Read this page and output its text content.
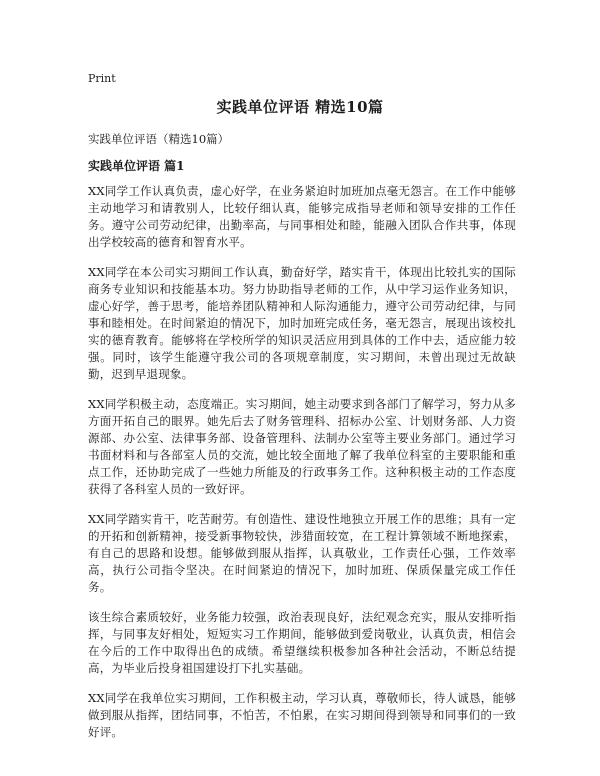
Print
实践单位评语 精选10篇
实践单位评语（精选10篇）
实践单位评语 篇1

XX同学工作认真负责，虚心好学，在业务紧迫时加班加点毫无怨言。在工作中能够主动地学习和请教别人，比较仔细认真，能够完成指导老师和领导安排的工作任务。遵守公司劳动纪律，出勤率高，与同事相处和睦，能融入团队合作共事，体现出学校较高的德育和智育水平。

XX同学在本公司实习期间工作认真，勤奋好学，踏实肯干，体现出比较扎实的国际商务专业知识和技能基本功。努力协助指导老师的工作，从中学习运作业务知识，虚心好学，善于思考，能培养团队精神和人际沟通能力，遵守公司劳动纪律，与同事和睦相处。在时间紧迫的情况下，加时加班完成任务，毫无怨言，展现出该校扎实的德育教育。能够将在学校所学的知识灵活应用到具体的工作中去，适应能力较强。同时，该学生能遵守我公司的各项规章制度，实习期间，未曾出现过无故缺勤，迟到早退现象。

XX同学积极主动，态度端正。实习期间，她主动要求到各部门了解学习，努力从多方面开拓自己的眼界。她先后去了财务管理科、招标办公室、计划财务部、人力资源部、办公室、法律事务部、设备管理科、法制办公室等主要业务部门。通过学习书面材料和与各部室人员的交流，她比较全面地了解了我单位科室的主要职能和重点工作，还协助完成了一些她力所能及的行政事务工作。这种积极主动的工作态度获得了各科室人员的一致好评。

XX同学踏实肯干，吃苦耐劳。有创造性、建设性地独立开展工作的思维；具有一定的开拓和创新精神，接受新事物较快，涉猎面较宽，在工程计算领域不断地探索，有自己的思路和设想。能够做到服从指挥，认真敬业，工作责任心强，工作效率高，执行公司指令坚决。在时间紧迫的情况下，加时加班、保质保量完成工作任务。

该生综合素质较好，业务能力较强，政治表现良好，法纪观念充实，服从安排听指挥，与同事友好相处，短短实习工作期间，能够做到爱岗敬业，认真负责，相信会在今后的工作中取得出色的成绩。希望继续积极参加各种社会活动，不断总结提高，为毕业后投身祖国建设打下扎实基础。

XX同学在我单位实习期间，工作积极主动，学习认真，尊敬师长，待人诚恳，能够做到服从指挥，团结同事，不怕苦，不怕累，在实习期间得到领导和同事们的一致好评。
